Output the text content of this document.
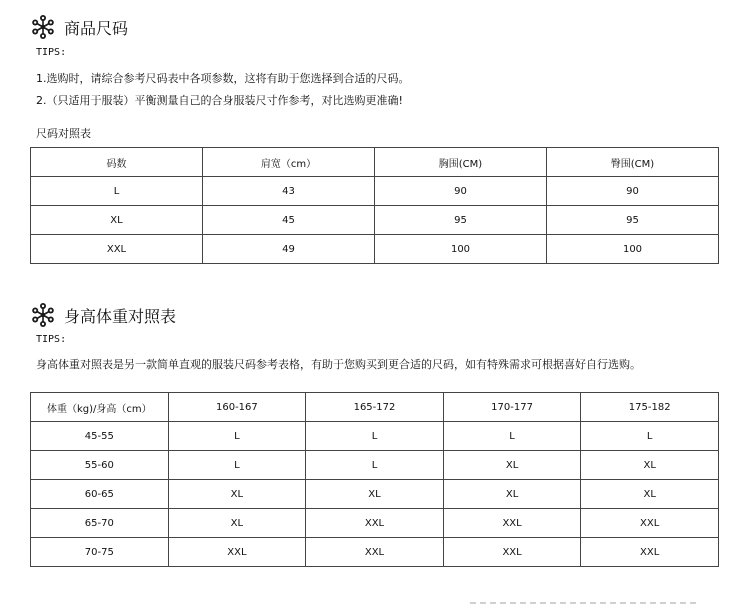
商品尺码
TIPS:
1.选购时，请综合参考尺码表中各项参数，这将有助于您选择到合适的尺码。
2.（只适用于服装）平衡测量自己的合身服装尺寸作参考，对比选购更准确!
尺码对照表
码数	肩宽（cm）	胸围(CM)	臀围(CM)
L	43	90	90
XL	45	95	95
XXL	49	100	100
身高体重对照表
TIPS:
身高体重对照表是另一款简单直观的服装尺码参考表格，有助于您购买到更合适的尺码，如有特殊需求可根据喜好自行选购。
体重（kg)/身高（cm）	160-167	165-172	170-177	175-182
45-55	L	L	L	L
55-60	L	L	XL	XL
60-65	XL	XL	XL	XL
65-70	XL	XXL	XXL	XXL
70-75	XXL	XXL	XXL	XXL
